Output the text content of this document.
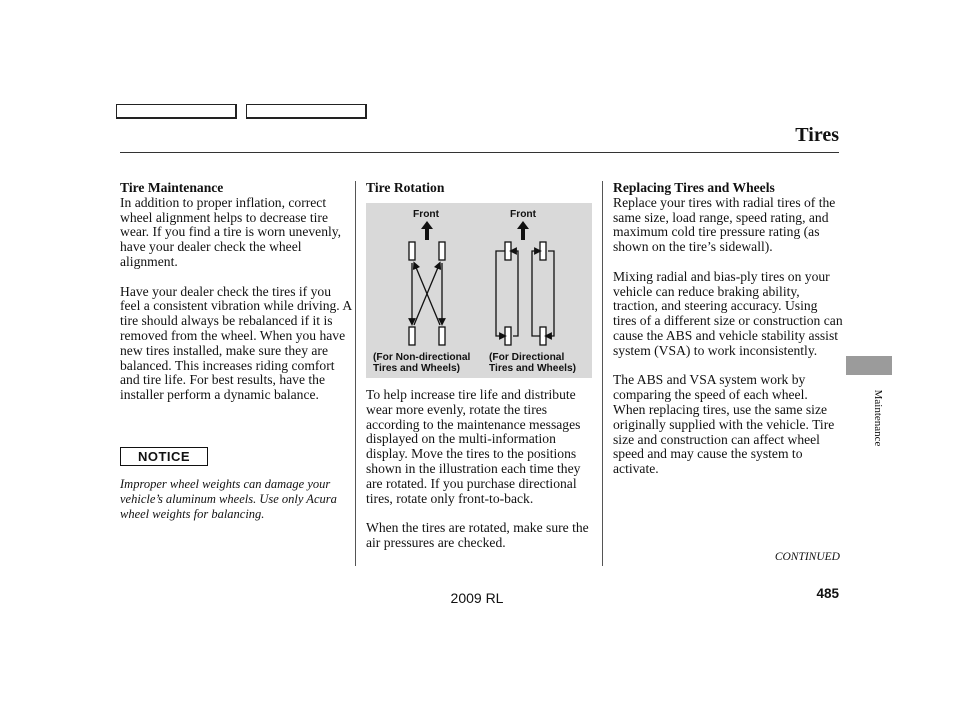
Tires
Tire Maintenance

In addition to proper inflation, correct wheel alignment helps to decrease tire wear. If you find a tire is worn unevenly, have your dealer check the wheel alignment.

Have your dealer check the tires if you feel a consistent vibration while driving. A tire should always be rebalanced if it is removed from the wheel. When you have new tires installed, make sure they are balanced. This increases riding comfort and tire life. For best results, have the installer perform a dynamic balance.

NOTICE
Improper wheel weights can damage your vehicle’s aluminum wheels. Use only Acura wheel weights for balancing.
Tire Rotation
Front	Front
(For Non-directional
Tires and Wheels)
(For Directional
Tires and Wheels)

To help increase tire life and distribute wear more evenly, rotate the tires according to the maintenance messages displayed on the multi-information display. Move the tires to the positions shown in the illustration each time they are rotated. If you purchase directional tires, rotate only front-to-back.

When the tires are rotated, make sure the air pressures are checked.

Replacing Tires and Wheels

Replace your tires with radial tires of the same size, load range, speed rating, and maximum cold tire pressure rating (as shown on the tire’s sidewall).

Mixing radial and bias-ply tires on your vehicle can reduce braking ability, traction, and steering accuracy. Using tires of a different size or construction can cause the ABS and vehicle stability assist system (VSA) to work inconsistently.

The ABS and VSA system work by comparing the speed of each wheel. When replacing tires, use the same size originally supplied with the vehicle. Tire size and construction can affect wheel speed and may cause the system to activate.

Maintenance
CONTINUED
485
2009 RL
